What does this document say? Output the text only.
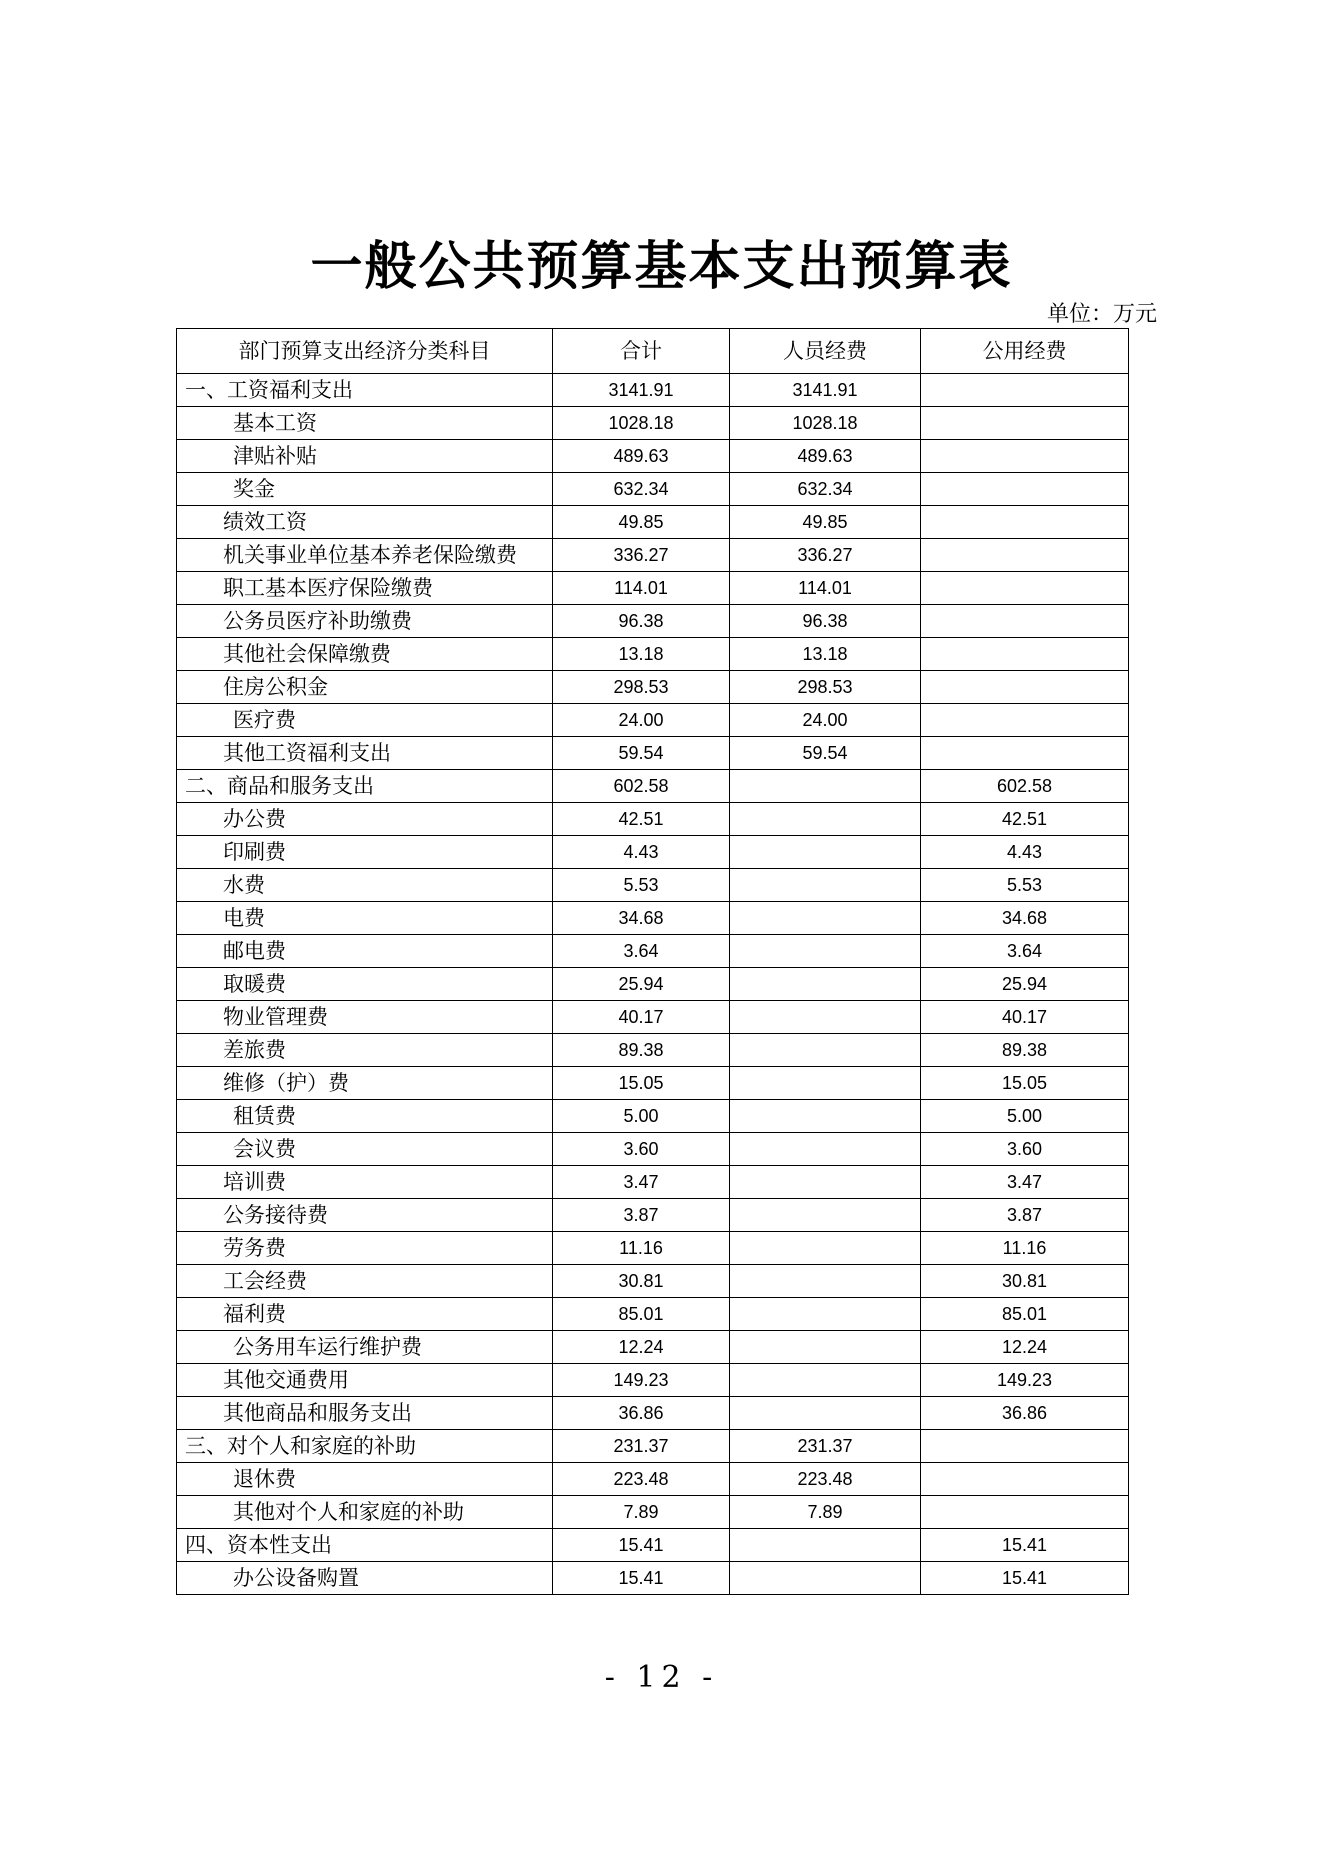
一般公共预算基本支出预算表
单位：万元
部门预算支出经济分类科目	合计	人员经费	公用经费
一、工资福利支出	3141.91	3141.91	
基本工资	1028.18	1028.18	
津贴补贴	489.63	489.63	
奖金	632.34	632.34	
绩效工资	49.85	49.85	
机关事业单位基本养老保险缴费	336.27	336.27	
职工基本医疗保险缴费	114.01	114.01	
公务员医疗补助缴费	96.38	96.38	
其他社会保障缴费	13.18	13.18	
住房公积金	298.53	298.53	
医疗费	24.00	24.00	
其他工资福利支出	59.54	59.54	
二、商品和服务支出	602.58		602.58
办公费	42.51		42.51
印刷费	4.43		4.43
水费	5.53		5.53
电费	34.68		34.68
邮电费	3.64		3.64
取暖费	25.94		25.94
物业管理费	40.17		40.17
差旅费	89.38		89.38
维修（护）费	15.05		15.05
租赁费	5.00		5.00
会议费	3.60		3.60
培训费	3.47		3.47
公务接待费	3.87		3.87
劳务费	11.16		11.16
工会经费	30.81		30.81
福利费	85.01		85.01
公务用车运行维护费	12.24		12.24
其他交通费用	149.23		149.23
其他商品和服务支出	36.86		36.86
三、对个人和家庭的补助	231.37	231.37	
退休费	223.48	223.48	
其他对个人和家庭的补助	7.89	7.89	
四、资本性支出	15.41		15.41
办公设备购置	15.41		15.41
- 12 -
